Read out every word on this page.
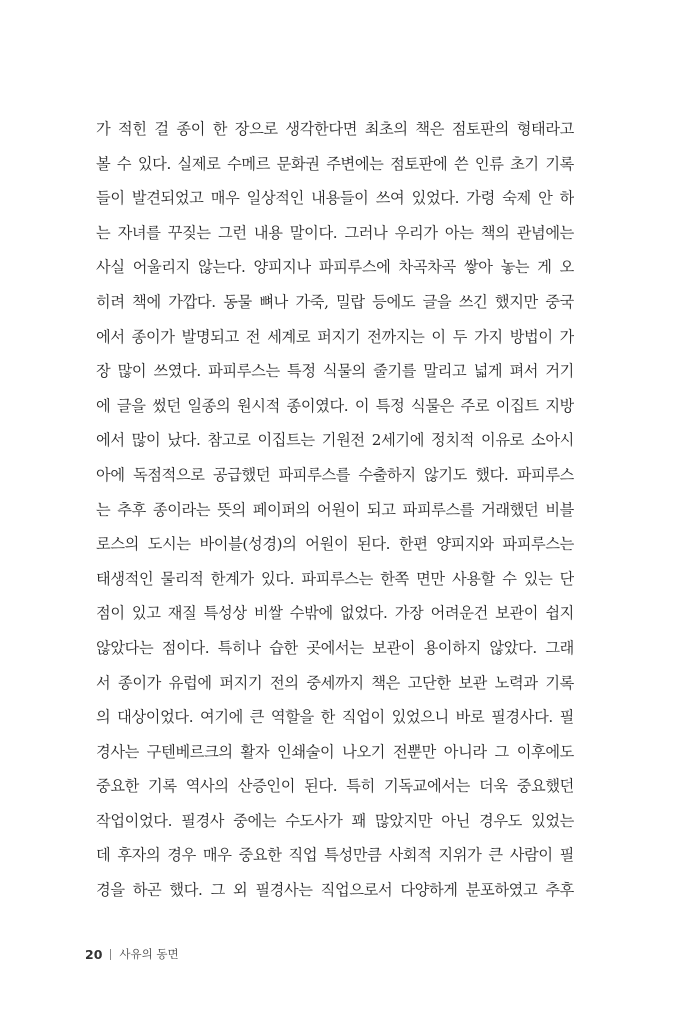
가 적힌 걸 종이 한 장으로 생각한다면 최초의 책은 점토판의 형태라고
볼 수 있다. 실제로 수메르 문화권 주변에는 점토판에 쓴 인류 초기 기록
들이 발견되었고 매우 일상적인 내용들이 쓰여 있었다. 가령 숙제 안 하
는 자녀를 꾸짖는 그런 내용 말이다. 그러나 우리가 아는 책의 관념에는
사실 어울리지 않는다. 양피지나 파피루스에 차곡차곡 쌓아 놓는 게 오
히려 책에 가깝다. 동물 뼈나 가죽, 밀랍 등에도 글을 쓰긴 했지만 중국
에서 종이가 발명되고 전 세계로 퍼지기 전까지는 이 두 가지 방법이 가
장 많이 쓰였다. 파피루스는 특정 식물의 줄기를 말리고 넓게 펴서 거기
에 글을 썼던 일종의 원시적 종이였다. 이 특정 식물은 주로 이집트 지방
에서 많이 났다. 참고로 이집트는 기원전 2세기에 정치적 이유로 소아시
아에 독점적으로 공급했던 파피루스를 수출하지 않기도 했다. 파피루스
는 추후 종이라는 뜻의 페이퍼의 어원이 되고 파피루스를 거래했던 비블
로스의 도시는 바이블(성경)의 어원이 된다. 한편 양피지와 파피루스는
태생적인 물리적 한계가 있다. 파피루스는 한쪽 면만 사용할 수 있는 단
점이 있고 재질 특성상 비쌀 수밖에 없었다. 가장 어려운건 보관이 쉽지
않았다는 점이다. 특히나 습한 곳에서는 보관이 용이하지 않았다. 그래
서 종이가 유럽에 퍼지기 전의 중세까지 책은 고단한 보관 노력과 기록
의 대상이었다. 여기에 큰 역할을 한 직업이 있었으니 바로 필경사다. 필
경사는 구텐베르크의 활자 인쇄술이 나오기 전뿐만 아니라 그 이후에도
중요한 기록 역사의 산증인이 된다. 특히 기독교에서는 더욱 중요했던
작업이었다. 필경사 중에는 수도사가 꽤 많았지만 아닌 경우도 있었는
데 후자의 경우 매우 중요한 직업 특성만큼 사회적 지위가 큰 사람이 필
경을 하곤 했다. 그 외 필경사는 직업으로서 다양하게 분포하였고 추후
20 사유의 동면
